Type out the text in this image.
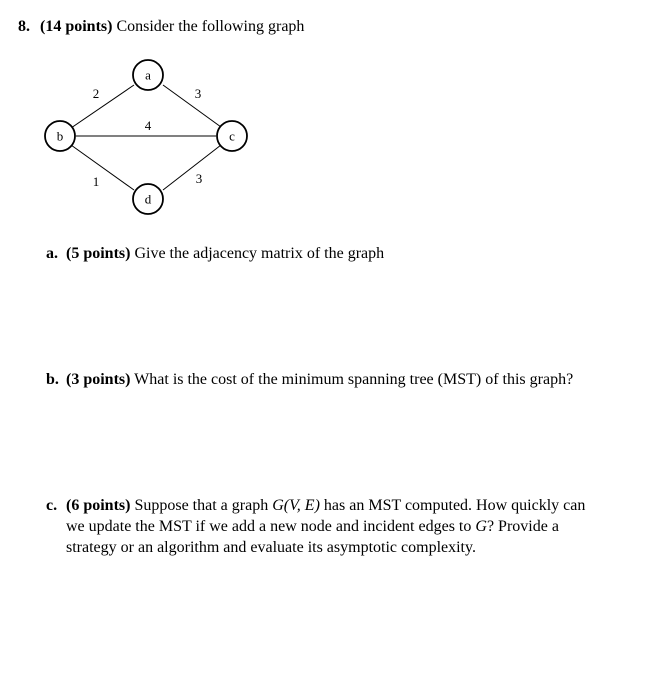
8. (14 points) Consider the following graph
2	3
4
1	3
a
b	c
d
a. (5 points) Give the adjacency matrix of the graph
b. (3 points) What is the cost of the minimum spanning tree (MST) of this graph?
c. (6 points) Suppose that a graph G(V, E) has an MST computed. How quickly can we update the MST if we add a new node and incident edges to G? Provide a strategy or an algorithm and evaluate its asymptotic complexity.
